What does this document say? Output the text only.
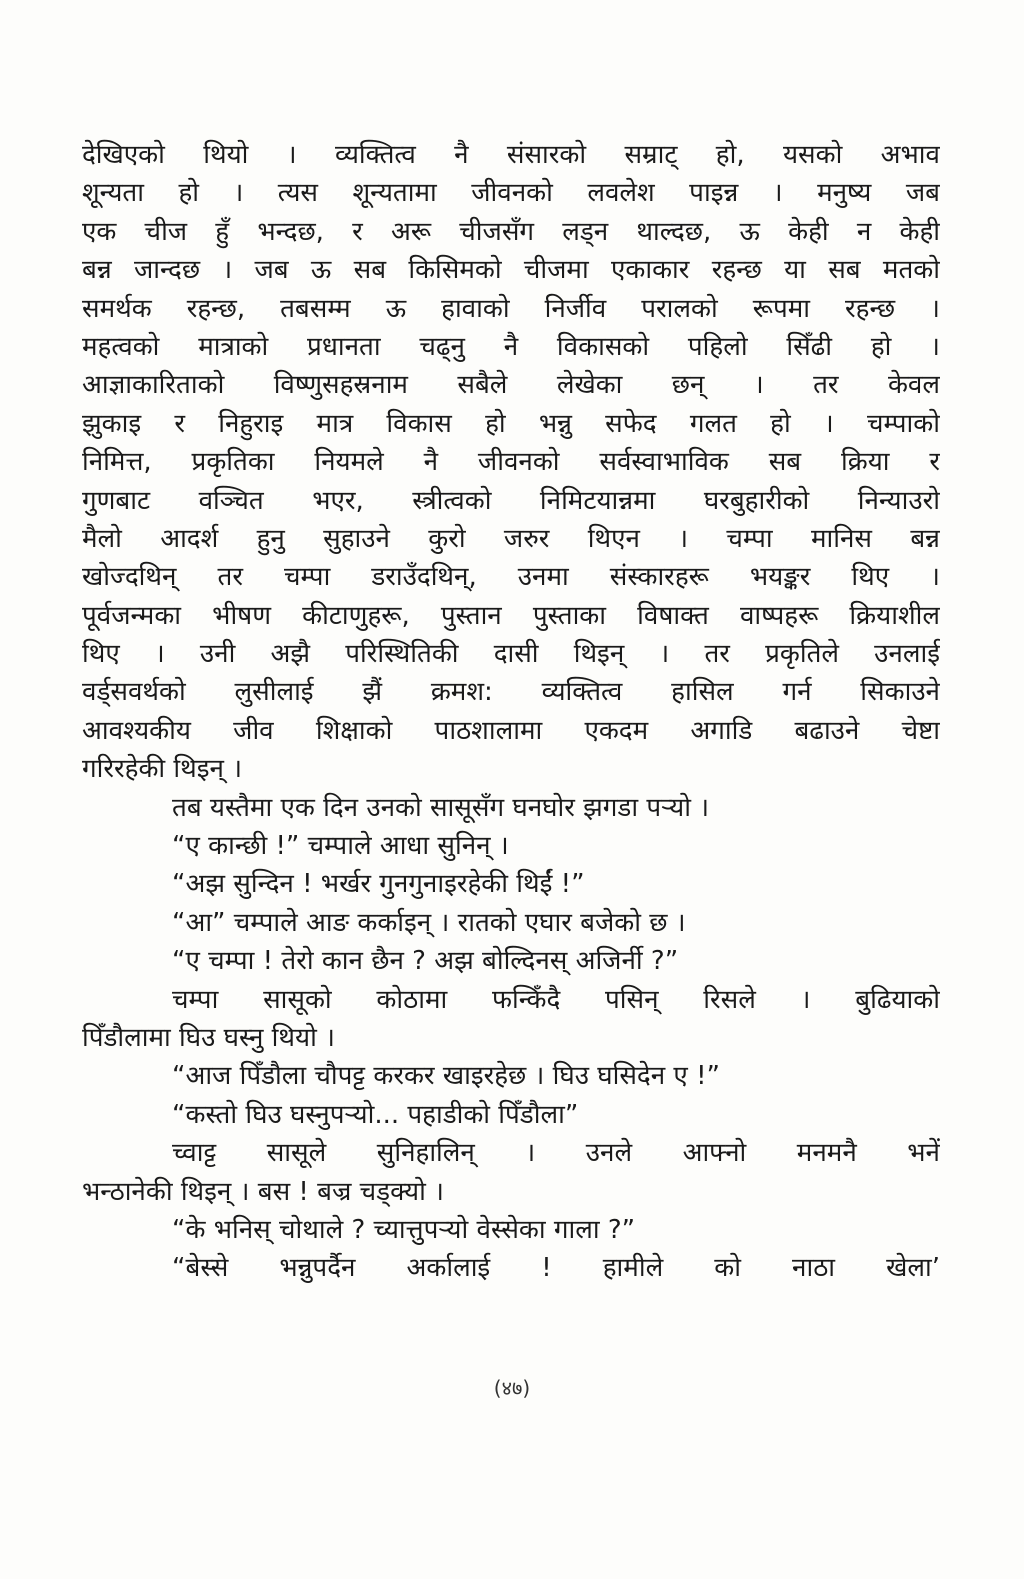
देखिएको थियो । व्यक्तित्व नै संसारको सम्राट् हो, यसको अभाव
शून्यता हो । त्यस शून्यतामा जीवनको लवलेश पाइन्न । मनुष्य जब
एक चीज हुँ भन्दछ, र अरू चीजसँग लड्न थाल्दछ, ऊ केही न केही
बन्न जान्दछ । जब ऊ सब किसिमको चीजमा एकाकार रहन्छ या सब मतको
समर्थक रहन्छ, तबसम्म ऊ हावाको निर्जीव परालको रूपमा रहन्छ ।
महत्वको मात्राको प्रधानता चढ्नु नै विकासको पहिलो सिँढी हो ।
आज्ञाकारिताको विष्णुसहस्रनाम सबैले लेखेका छन् । तर केवल
झुकाइ र निहुराइ मात्र विकास हो भन्नु सफेद गलत हो । चम्पाको
निमित्त, प्रकृतिका नियमले नै जीवनको सर्वस्वाभाविक सब क्रिया र
गुणबाट वञ्चित भएर, स्त्रीत्वको निमिटयान्नमा घरबुहारीको निन्याउरो
मैलो आदर्श हुनु सुहाउने कुरो जरुर थिएन । चम्पा मानिस बन्न
खोज्दथिन् तर चम्पा डराउँदथिन्, उनमा संस्कारहरू भयङ्कर थिए ।
पूर्वजन्मका भीषण कीटाणुहरू, पुस्तान पुस्ताका विषाक्त वाष्पहरू क्रियाशील
थिए । उनी अझै परिस्थितिकी दासी थिइन् । तर प्रकृतिले उनलाई
वर्ड्सवर्थको लुसीलाई झैं क्रमश: व्यक्तित्व हासिल गर्न सिकाउने
आवश्यकीय जीव शिक्षाको पाठशालामा एकदम अगाडि बढाउने चेष्टा
गरिरहेकी थिइन् ।
तब यस्तैमा एक दिन उनको सासूसँग घनघोर झगडा पर्‍यो ।
“ए कान्छी !” चम्पाले आधा सुनिन् ।
“अझ सुन्दिन ! भर्खर गुनगुनाइरहेकी थिईं !”
“आ” चम्पाले आङ कर्काइन् । रातको एघार बजेको छ ।
“ए चम्पा ! तेरो कान छैन ? अझ बोल्दिनस् अजिर्नी ?”
चम्पा सासूको कोठामा फन्किँदै पसिन् रिसले । बुढियाको
पिँडौलामा घिउ घस्नु थियो ।
“आज पिँडौला चौपट्ट करकर खाइरहेछ । घिउ घसिदेन ए !”
“कस्तो घिउ घस्नुपर्‍यो... पहाडीको पिँडौला”
च्वाट्ट सासूले सुनिहालिन् । उनले आफ्नो मनमनै भनें
भन्ठानेकी थिइन् । बस ! बज्र चड्क्यो ।
“के भनिस् चोथाले ? च्यात्तुपर्‍यो वेस्सेका गाला ?”
“बेस्से भन्नुपर्दैन अर्कालाई ! हामीले को नाठा खेला’
(४७)
